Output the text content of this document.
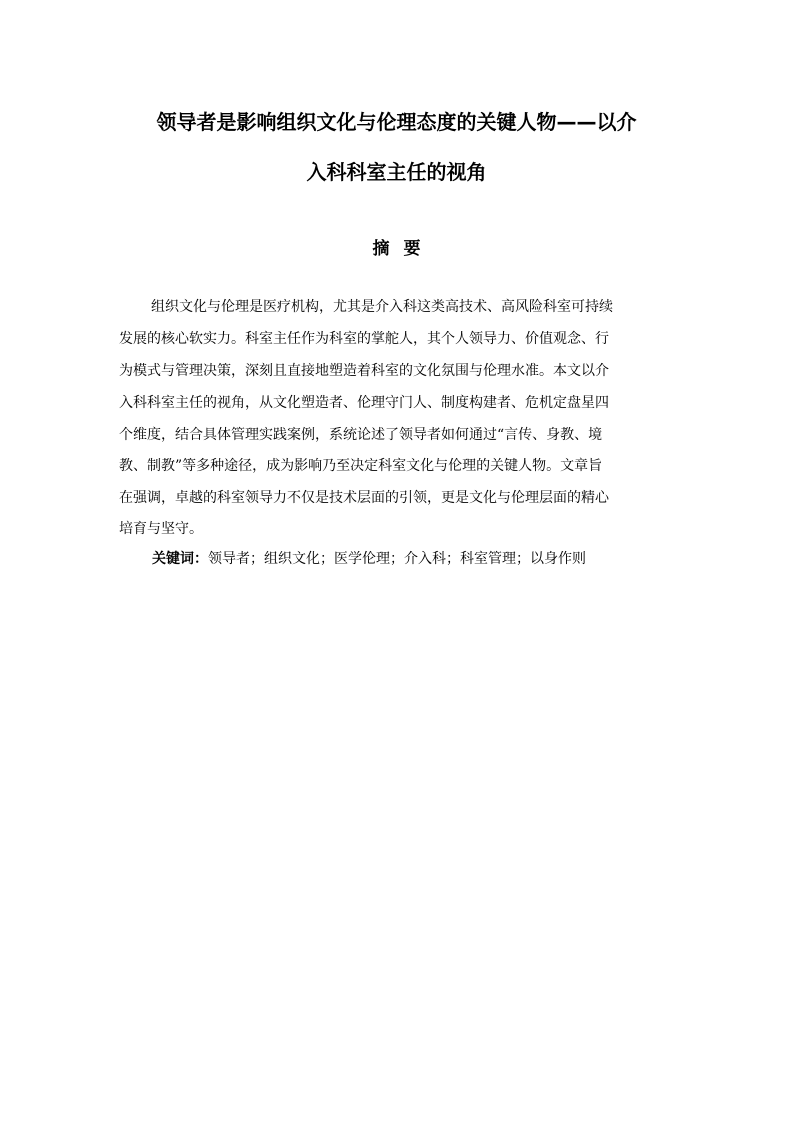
领导者是影响组织文化与伦理态度的关键人物——以介
入科科室主任的视角
摘 要
组织文化与伦理是医疗机构，尤其是介入科这类高技术、高风险科室可持续
发展的核心软实力。科室主任作为科室的掌舵人，其个人领导力、价值观念、行
为模式与管理决策，深刻且直接地塑造着科室的文化氛围与伦理水准。本文以介
入科科室主任的视角，从文化塑造者、伦理守门人、制度构建者、危机定盘星四
个维度，结合具体管理实践案例，系统论述了领导者如何通过“言传、身教、境
教、制教”等多种途径，成为影响乃至决定科室文化与伦理的关键人物。文章旨
在强调，卓越的科室领导力不仅是技术层面的引领，更是文化与伦理层面的精心
培育与坚守。
关键词：领导者；组织文化；医学伦理；介入科；科室管理；以身作则
